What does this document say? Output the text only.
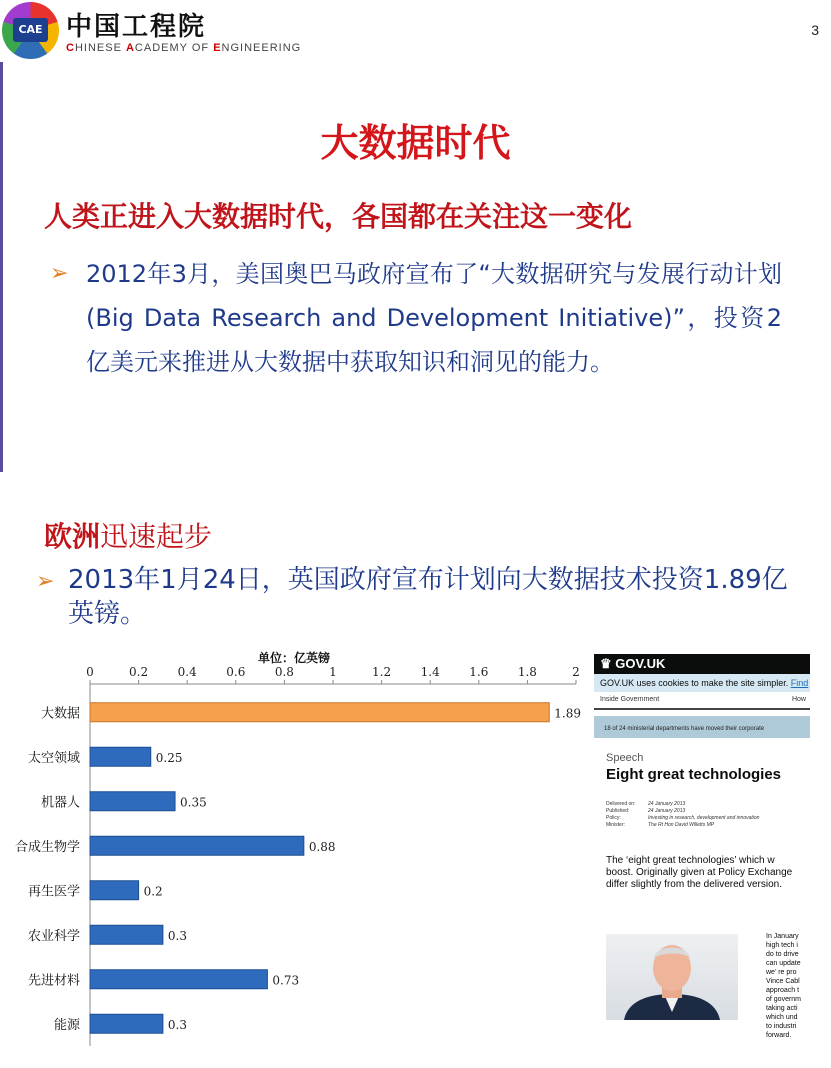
CAE 中国工程院
CHINESE ACADEMY OF ENGINEERING
3
大数据时代
人类正进入大数据时代，各国都在关注这一变化
➢ 2012年3月，美国奥巴马政府宣布了“大数据研究与发展行动计划 (Big Data Research and Development Initiative)”，投资2亿美元来推进从大数据中获取知识和洞见的能力。
欧洲迅速起步
➢ 2013年1月24日，英国政府宣布计划向大数据技术投资1.89亿英镑。
单位：亿英镑
0	0.2 0.4 0.6 0.8	1	1.2 1.4 1.6 1.8	2
大数据	1.89
太空领域	0.25
机器人	0.35
合成生物学	0.88
再生医学	0.2
农业科学	0.3
先进材料	0.73
能源	0.3
♛ GOV.UK
GOV.UK uses cookies to make the site simpler. Find
Inside Government	How
18 of 24 ministerial departments have moved their corporate
Speech
Eight great technologies
Delivered on:	24 January 2013
Published:	24 January 2013
Policy:	Investing in research, development and innovation
Minister:	The Rt Hon David Willetts MP
The ‘eight great technologies’ which w
boost. Originally given at Policy Exchange
differ slightly from the delivered version.
In January
high tech i
do to drive
can update
we’ re pro
Vince Cabl
approach t
of governm
taking acti
which und
to industri
forward.
